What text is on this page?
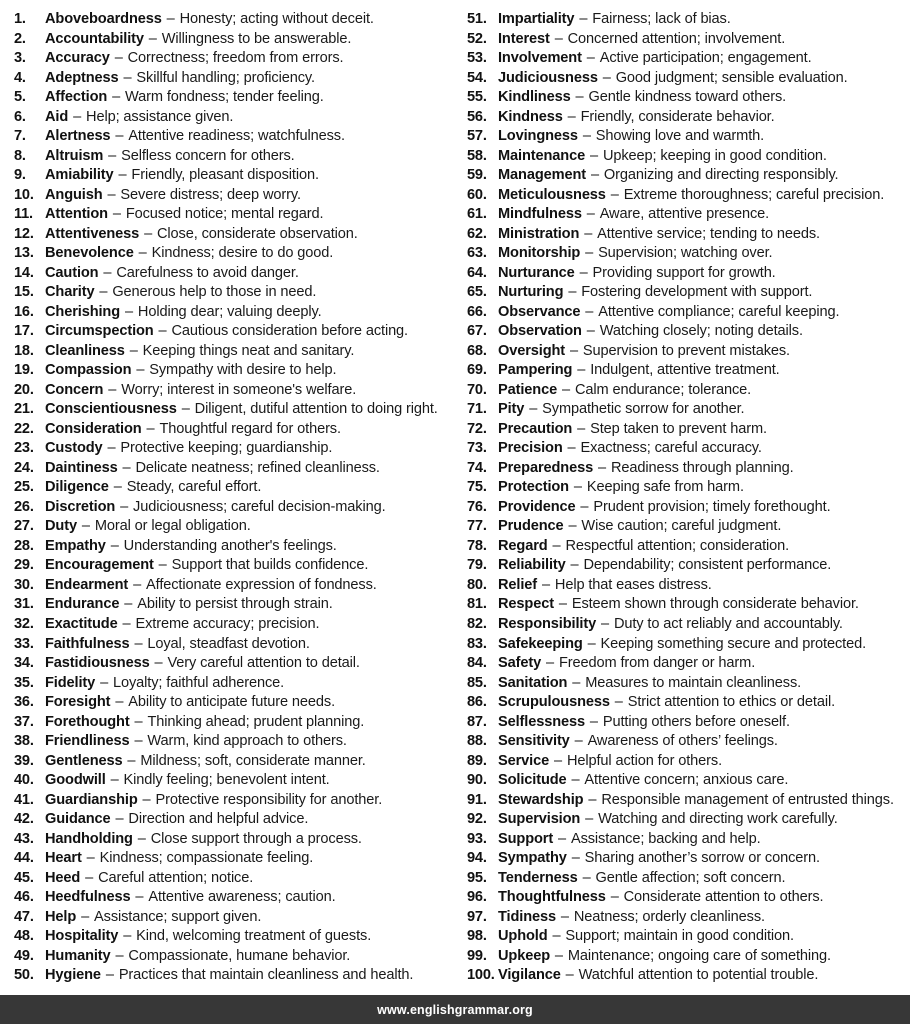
1.	Aboveboardness – Honesty; acting without deceit.
2.	Accountability – Willingness to be answerable.
3.	Accuracy – Correctness; freedom from errors.
4.	Adeptness – Skillful handling; proficiency.
5.	Affection – Warm fondness; tender feeling.
6.	Aid – Help; assistance given.
7.	Alertness – Attentive readiness; watchfulness.
8.	Altruism – Selfless concern for others.
9.	Amiability – Friendly, pleasant disposition.
10. Anguish – Severe distress; deep worry.
11. Attention – Focused notice; mental regard.
12. Attentiveness – Close, considerate observation.
13. Benevolence – Kindness; desire to do good.
14. Caution – Carefulness to avoid danger.
15. Charity – Generous help to those in need.
16. Cherishing – Holding dear; valuing deeply.
17. Circumspection – Cautious consideration before acting.
18. Cleanliness – Keeping things neat and sanitary.
19. Compassion – Sympathy with desire to help.
20. Concern – Worry; interest in someone's welfare.
21. Conscientiousness – Diligent, dutiful attention to doing right.
22. Consideration – Thoughtful regard for others.
23. Custody – Protective keeping; guardianship.
24. Daintiness – Delicate neatness; refined cleanliness.
25. Diligence – Steady, careful effort.
26. Discretion – Judiciousness; careful decision-making.
27. Duty – Moral or legal obligation.
28. Empathy – Understanding another's feelings.
29. Encouragement – Support that builds confidence.
30. Endearment – Affectionate expression of fondness.
31. Endurance – Ability to persist through strain.
32. Exactitude – Extreme accuracy; precision.
33. Faithfulness – Loyal, steadfast devotion.
34. Fastidiousness – Very careful attention to detail.
35. Fidelity – Loyalty; faithful adherence.
36. Foresight – Ability to anticipate future needs.
37. Forethought – Thinking ahead; prudent planning.
38. Friendliness – Warm, kind approach to others.
39. Gentleness – Mildness; soft, considerate manner.
40. Goodwill – Kindly feeling; benevolent intent.
41. Guardianship – Protective responsibility for another.
42. Guidance – Direction and helpful advice.
43. Handholding – Close support through a process.
44. Heart – Kindness; compassionate feeling.
45. Heed – Careful attention; notice.
46. Heedfulness – Attentive awareness; caution.
47. Help – Assistance; support given.
48. Hospitality – Kind, welcoming treatment of guests.
49. Humanity – Compassionate, humane behavior.
50. Hygiene – Practices that maintain cleanliness and health.
51. Impartiality – Fairness; lack of bias.
52. Interest – Concerned attention; involvement.
53. Involvement – Active participation; engagement.
54. Judiciousness – Good judgment; sensible evaluation.
55. Kindliness – Gentle kindness toward others.
56. Kindness – Friendly, considerate behavior.
57. Lovingness – Showing love and warmth.
58. Maintenance – Upkeep; keeping in good condition.
59. Management – Organizing and directing responsibly.
60. Meticulousness – Extreme thoroughness; careful precision.
61. Mindfulness – Aware, attentive presence.
62. Ministration – Attentive service; tending to needs.
63. Monitorship – Supervision; watching over.
64. Nurturance – Providing support for growth.
65. Nurturing – Fostering development with support.
66. Observance – Attentive compliance; careful keeping.
67. Observation – Watching closely; noting details.
68. Oversight – Supervision to prevent mistakes.
69. Pampering – Indulgent, attentive treatment.
70. Patience – Calm endurance; tolerance.
71. Pity – Sympathetic sorrow for another.
72. Precaution – Step taken to prevent harm.
73. Precision – Exactness; careful accuracy.
74. Preparedness – Readiness through planning.
75. Protection – Keeping safe from harm.
76. Providence – Prudent provision; timely forethought.
77. Prudence – Wise caution; careful judgment.
78. Regard – Respectful attention; consideration.
79. Reliability – Dependability; consistent performance.
80. Relief – Help that eases distress.
81. Respect – Esteem shown through considerate behavior.
82. Responsibility – Duty to act reliably and accountably.
83. Safekeeping – Keeping something secure and protected.
84. Safety – Freedom from danger or harm.
85. Sanitation – Measures to maintain cleanliness.
86. Scrupulousness – Strict attention to ethics or detail.
87. Selflessness – Putting others before oneself.
88. Sensitivity – Awareness of others’ feelings.
89. Service – Helpful action for others.
90. Solicitude – Attentive concern; anxious care.
91. Stewardship – Responsible management of entrusted things.
92. Supervision – Watching and directing work carefully.
93. Support – Assistance; backing and help.
94. Sympathy – Sharing another’s sorrow or concern.
95. Tenderness – Gentle affection; soft concern.
96. Thoughtfulness – Considerate attention to others.
97. Tidiness – Neatness; orderly cleanliness.
98. Uphold – Support; maintain in good condition.
99. Upkeep – Maintenance; ongoing care of something.
100. Vigilance – Watchful attention to potential trouble.
www.englishgrammar.org
